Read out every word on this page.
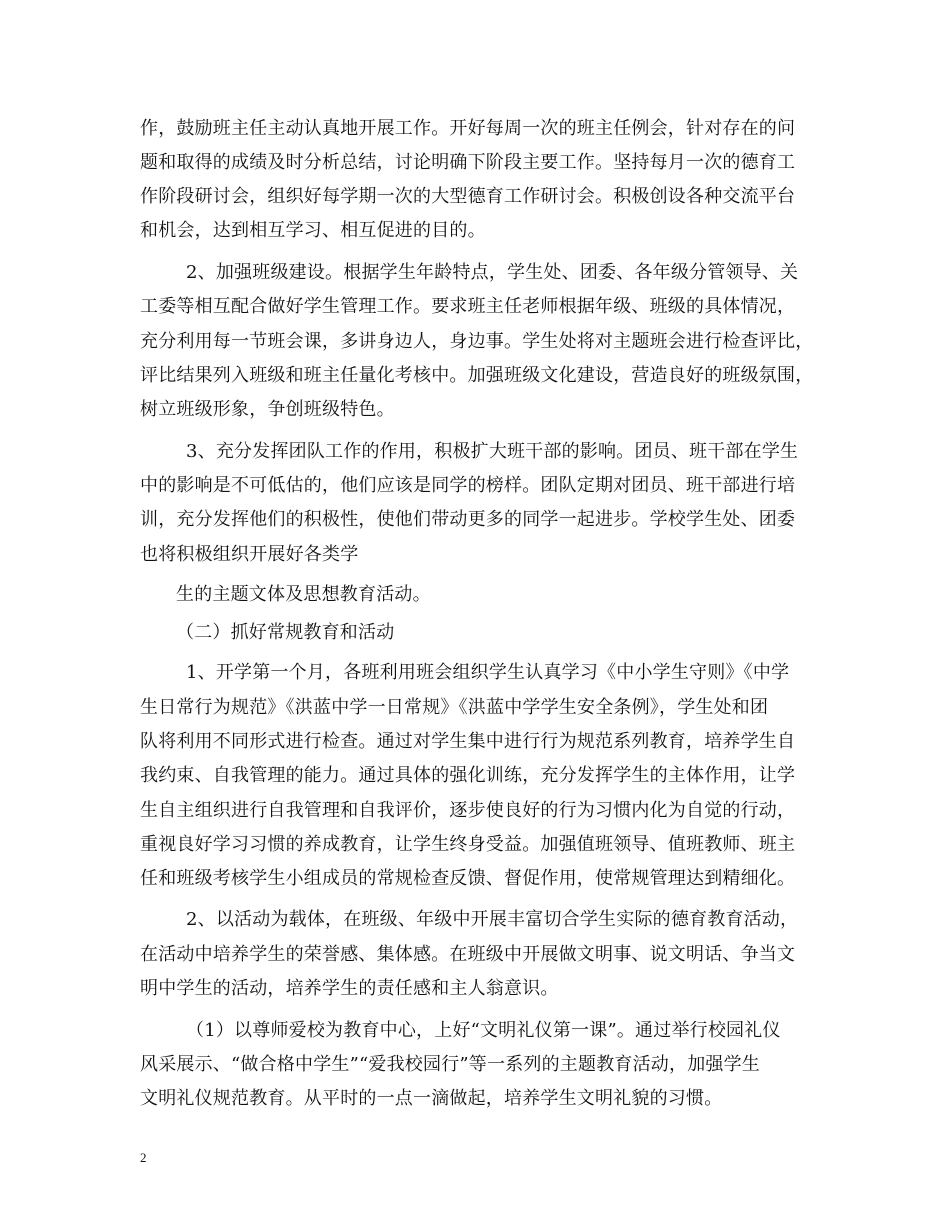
作，鼓励班主任主动认真地开展工作。开好每周一次的班主任例会，针对存在的问
题和取得的成绩及时分析总结，讨论明确下阶段主要工作。坚持每月一次的德育工
作阶段研讨会，组织好每学期一次的大型德育工作研讨会。积极创设各种交流平台
和机会，达到相互学习、相互促进的目的。
2、加强班级建设。根据学生年龄特点，学生处、团委、各年级分管领导、关
工委等相互配合做好学生管理工作。要求班主任老师根据年级、班级的具体情况，
充分利用每一节班会课，多讲身边人，身边事。学生处将对主题班会进行检查评比，
评比结果列入班级和班主任量化考核中。加强班级文化建设，营造良好的班级氛围，
树立班级形象，争创班级特色。
3、充分发挥团队工作的作用，积极扩大班干部的影响。团员、班干部在学生
中的影响是不可低估的，他们应该是同学的榜样。团队定期对团员、班干部进行培
训，充分发挥他们的积极性，使他们带动更多的同学一起进步。学校学生处、团委
也将积极组织开展好各类学
生的主题文体及思想教育活动。
（二）抓好常规教育和活动
1、开学第一个月，各班利用班会组织学生认真学习《中小学生守则》《中学
生日常行为规范》《洪蓝中学一日常规》《洪蓝中学学生安全条例》，学生处和团
队将利用不同形式进行检查。通过对学生集中进行行为规范系列教育，培养学生自
我约束、自我管理的能力。通过具体的强化训练，充分发挥学生的主体作用，让学
生自主组织进行自我管理和自我评价，逐步使良好的行为习惯内化为自觉的行动，
重视良好学习习惯的养成教育，让学生终身受益。加强值班领导、值班教师、班主
任和班级考核学生小组成员的常规检查反馈、督促作用，使常规管理达到精细化。
2、以活动为载体，在班级、年级中开展丰富切合学生实际的德育教育活动，
在活动中培养学生的荣誉感、集体感。在班级中开展做文明事、说文明话、争当文
明中学生的活动，培养学生的责任感和主人翁意识。
（1）以尊师爱校为教育中心，上好“文明礼仪第一课”。通过举行校园礼仪
风采展示、“做合格中学生”“爱我校园行”等一系列的主题教育活动，加强学生
文明礼仪规范教育。从平时的一点一滴做起，培养学生文明礼貌的习惯。
2
